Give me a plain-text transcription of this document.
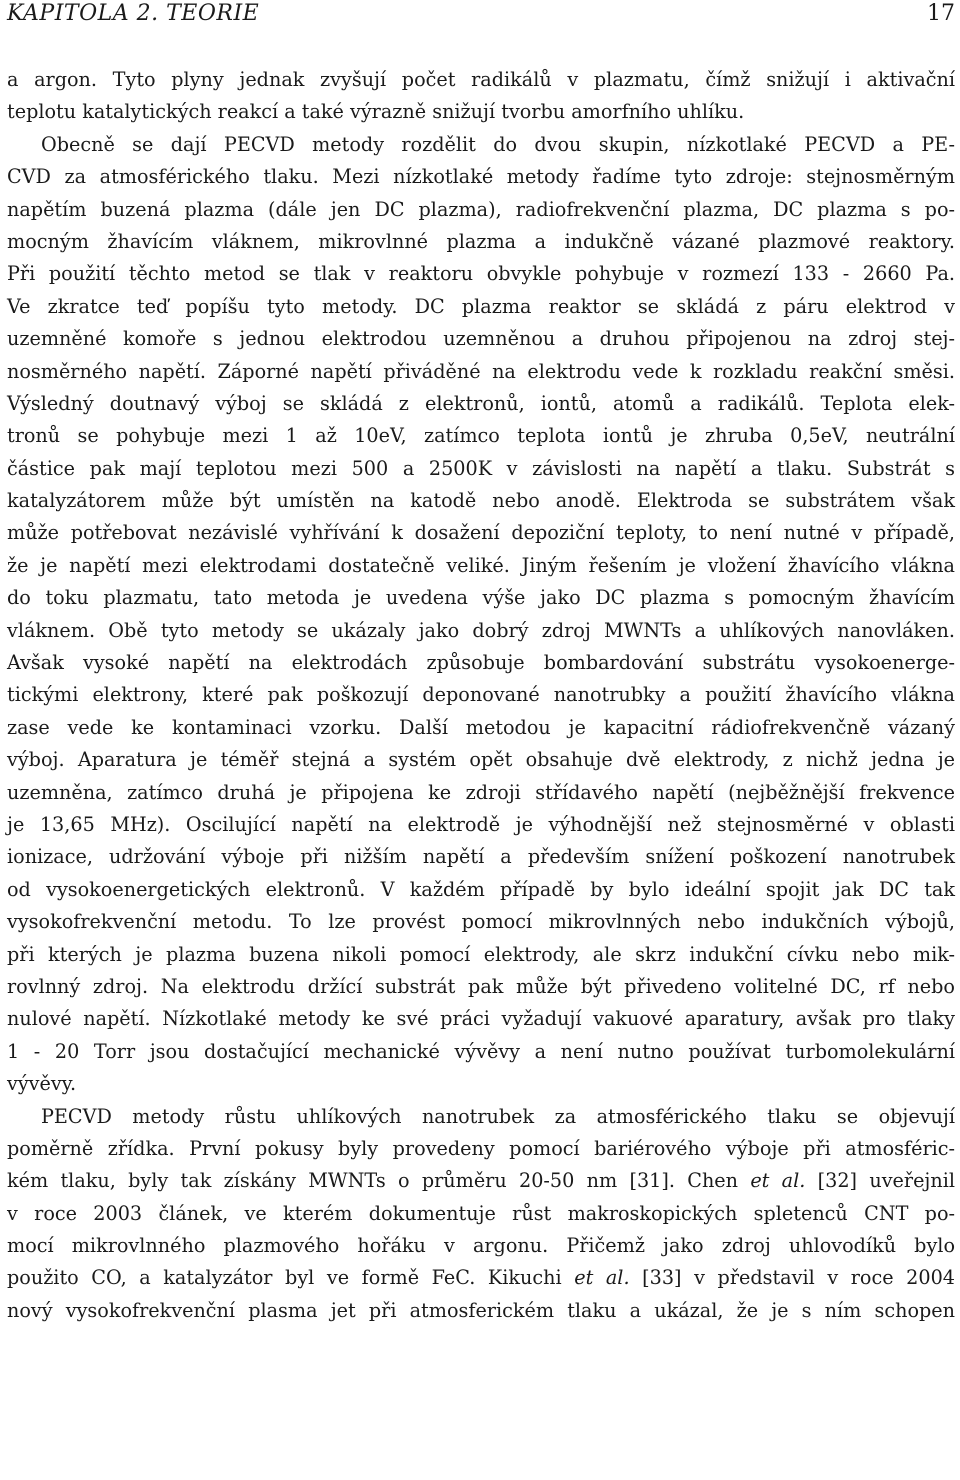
KAPITOLA 2. TEORIE	17
a argon. Tyto plyny jednak zvyšují počet radikálů v plazmatu, čímž snižují i aktivační
teplotu katalytických reakcí a také výrazně snižují tvorbu amorfního uhlíku.
Obecně se dají PECVD metody rozdělit do dvou skupin, nízkotlaké PECVD a PE-
CVD za atmosférického tlaku. Mezi nízkotlaké metody řadíme tyto zdroje: stejnosměrným
napětím buzená plazma (dále jen DC plazma), radiofrekvenční plazma, DC plazma s po-
mocným žhavícím vláknem, mikrovlnné plazma a indukčně vázané plazmové reaktory.
Při použití těchto metod se tlak v reaktoru obvykle pohybuje v rozmezí 133 - 2660 Pa.
Ve zkratce teď popíšu tyto metody. DC plazma reaktor se skládá z páru elektrod v
uzemněné komoře s jednou elektrodou uzemněnou a druhou připojenou na zdroj stej-
nosměrného napětí. Záporné napětí přiváděné na elektrodu vede k rozkladu reakční směsi.
Výsledný doutnavý výboj se skládá z elektronů, iontů, atomů a radikálů. Teplota elek-
tronů se pohybuje mezi 1 až 10eV, zatímco teplota iontů je zhruba 0,5eV, neutrální
částice pak mají teplotou mezi 500 a 2500K v závislosti na napětí a tlaku. Substrát s
katalyzátorem může být umístěn na katodě nebo anodě. Elektroda se substrátem však
může potřebovat nezávislé vyhřívání k dosažení depoziční teploty, to není nutné v případě,
že je napětí mezi elektrodami dostatečně veliké. Jiným řešením je vložení žhavícího vlákna
do toku plazmatu, tato metoda je uvedena výše jako DC plazma s pomocným žhavícím
vláknem. Obě tyto metody se ukázaly jako dobrý zdroj MWNTs a uhlíkových nanovláken.
Avšak vysoké napětí na elektrodách způsobuje bombardování substrátu vysokoenerge-
tickými elektrony, které pak poškozují deponované nanotrubky a použití žhavícího vlákna
zase vede ke kontaminaci vzorku. Další metodou je kapacitní rádiofrekvenčně vázaný
výboj. Aparatura je téměř stejná a systém opět obsahuje dvě elektrody, z nichž jedna je
uzemněna, zatímco druhá je připojena ke zdroji střídavého napětí (nejběžnější frekvence
je 13,65 MHz). Oscilující napětí na elektrodě je výhodnější než stejnosměrné v oblasti
ionizace, udržování výboje při nižším napětí a především snížení poškození nanotrubek
od vysokoenergetických elektronů. V každém případě by bylo ideální spojit jak DC tak
vysokofrekvenční metodu. To lze provést pomocí mikrovlnných nebo indukčních výbojů,
při kterých je plazma buzena nikoli pomocí elektrody, ale skrz indukční cívku nebo mik-
rovlnný zdroj. Na elektrodu držící substrát pak může být přivedeno volitelné DC, rf nebo
nulové napětí. Nízkotlaké metody ke své práci vyžadují vakuové aparatury, avšak pro tlaky
1 - 20 Torr jsou dostačující mechanické vývěvy a není nutno používat turbomolekulární
vývěvy.
PECVD metody růstu uhlíkových nanotrubek za atmosférického tlaku se objevují
poměrně zřídka. První pokusy byly provedeny pomocí bariérového výboje při atmosféric-
kém tlaku, byly tak získány MWNTs o průměru 20-50 nm [31]. Chen et al. [32] uveřejnil
v roce 2003 článek, ve kterém dokumentuje růst makroskopických spletenců CNT po-
mocí mikrovlnného plazmového hořáku v argonu. Přičemž jako zdroj uhlovodíků bylo
použito CO, a katalyzátor byl ve formě FeC. Kikuchi et al. [33] v představil v roce 2004
nový vysokofrekvenční plasma jet při atmosferickém tlaku a ukázal, že je s ním schopen
